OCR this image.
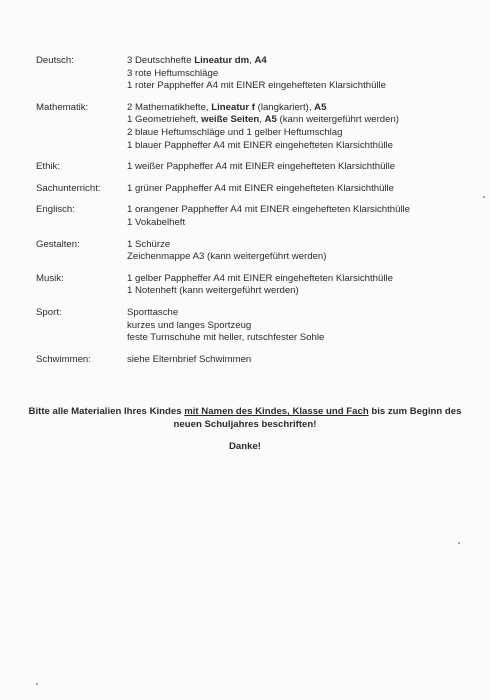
Deutsch:	3 Deutschhefte Lineatur dm, A4
3 rote Heftumschläge
1 roter Pappheffer A4 mit EINER eingehefteten Klarsichthülle
Mathematik:	2 Mathematikhefte, Lineatur f (langkariert), A5
1 Geometrieheft, weiße Seiten, A5 (kann weitergeführt werden)
2 blaue Heftumschläge und 1 gelber Heftumschlag
1 blauer Pappheffer A4 mit EINER eingehefteten Klarsichthülle
Ethik:	1 weißer Pappheffer A4 mit EINER eingehefteten Klarsichthülle
Sachunterricht:	1 grüner Pappheffer A4 mit EINER eingehefteten Klarsichthülle
Englisch:	1 orangener Pappheffer A4 mit EINER eingehefteten Klarsichthülle
1 Vokabelheft
Gestalten:	1 Schürze
Zeichenmappe A3 (kann weitergeführt werden)
Musik:	1 gelber Pappheffer A4 mit EINER eingehefteten Klarsichthülle
1 Notenheft (kann weitergeführt werden)
Sport:	Sporttasche
kurzes und langes Sportzeug
feste Turnschuhe mit heller, rutschfester Sohle
Schwimmen:	siehe Elternbrief Schwimmen
Bitte alle Materialien Ihres Kindes mit Namen des Kindes, Klasse und Fach bis zum Beginn des neuen Schuljahres beschriften!
Danke!
